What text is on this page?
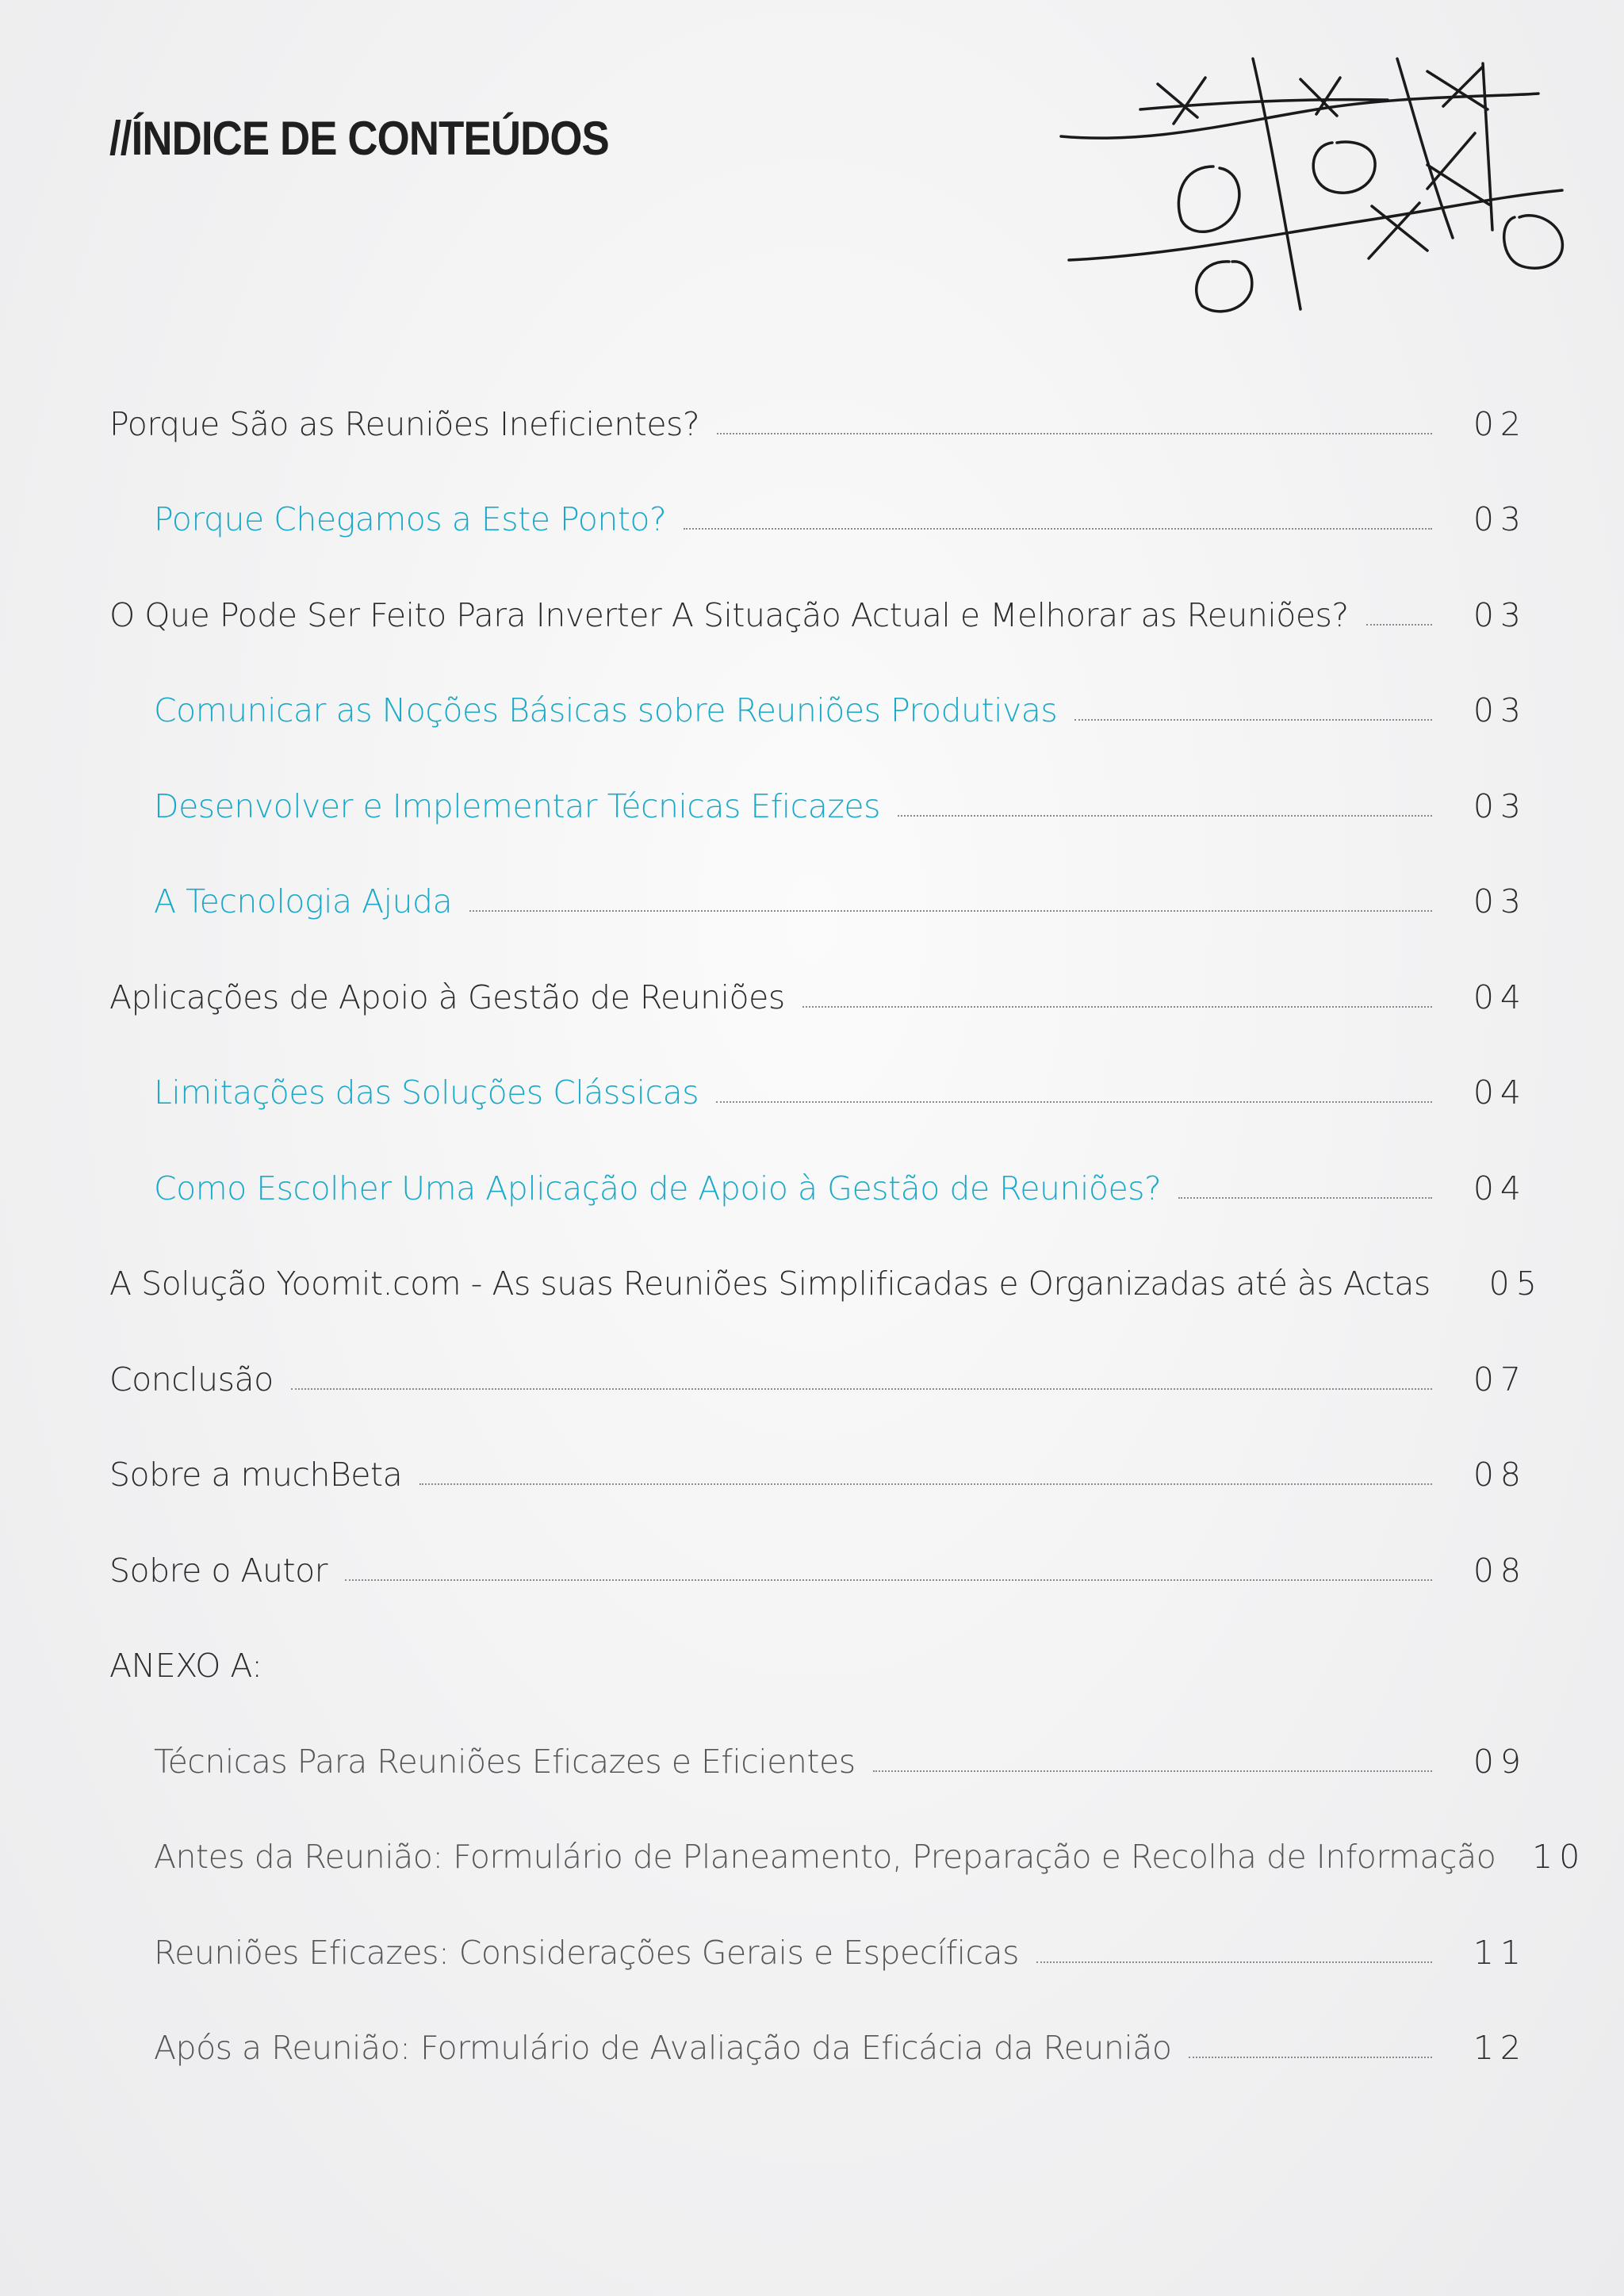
//ÍNDICE DE CONTEÚDOS
Porque São as Reuniões Ineficientes?	02
Porque Chegamos a Este Ponto?	03
O Que Pode Ser Feito Para Inverter A Situação Actual e Melhorar as Reuniões?	03
Comunicar as Noções Básicas sobre Reuniões Produtivas	03
Desenvolver e Implementar Técnicas Eficazes	03
A Tecnologia Ajuda	03
Aplicações de Apoio à Gestão de Reuniões	04
Limitações das Soluções Clássicas	04
Como Escolher Uma Aplicação de Apoio à Gestão de Reuniões?	04
A Solução Yoomit.com - As suas Reuniões Simplificadas e Organizadas até às Actas 05
Conclusão	07
Sobre a muchBeta	08
Sobre o Autor	08
ANEXO A:
Técnicas Para Reuniões Eficazes e Eficientes	09
Antes da Reunião: Formulário de Planeamento, Preparação e Recolha de Informação 10
Reuniões Eficazes: Considerações Gerais e Específicas	11
Após a Reunião: Formulário de Avaliação da Eficácia da Reunião	12
